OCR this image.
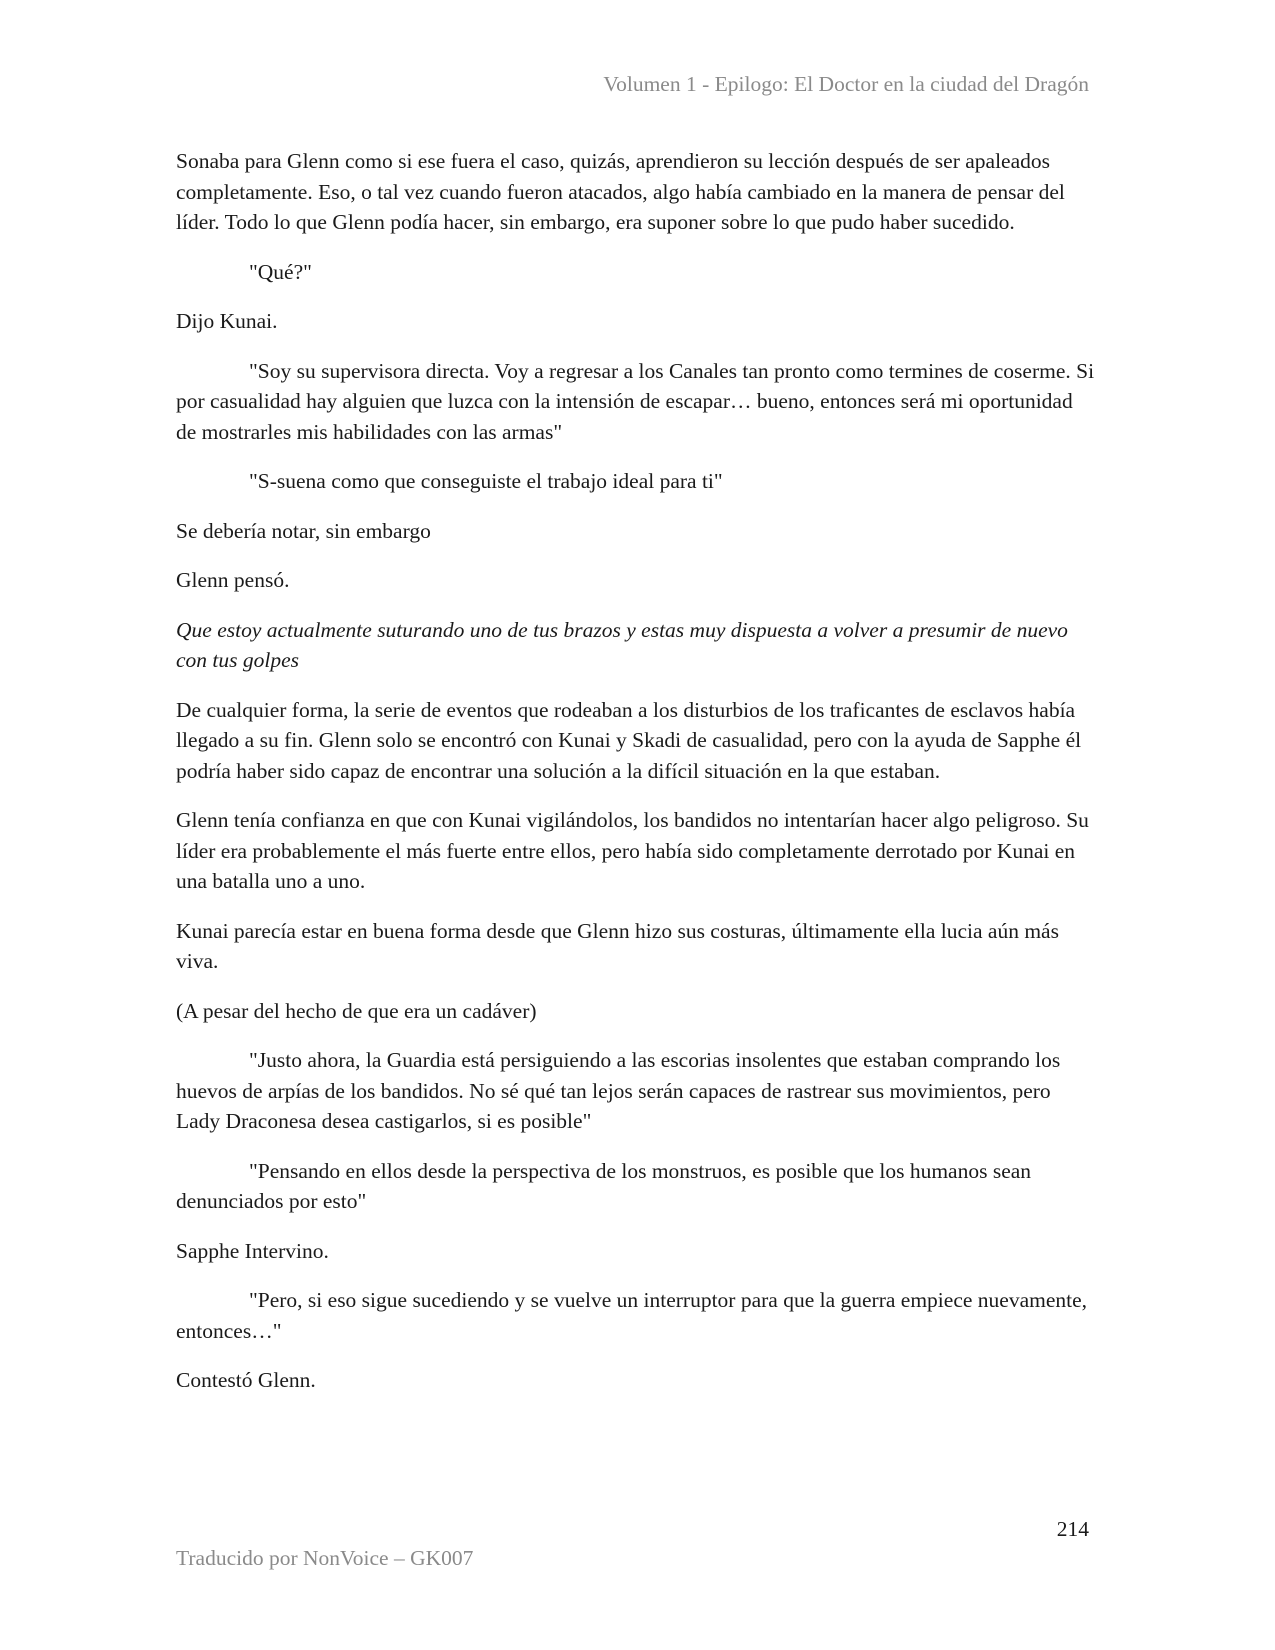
Volumen 1 - Epilogo: El Doctor en la ciudad del Dragón

Sonaba para Glenn como si ese fuera el caso, quizás, aprendieron su lección después de ser apaleados completamente. Eso, o tal vez cuando fueron atacados, algo había cambiado en la manera de pensar del líder. Todo lo que Glenn podía hacer, sin embargo, era suponer sobre lo que pudo haber sucedido.

"Qué?"

Dijo Kunai.

"Soy su supervisora directa. Voy a regresar a los Canales tan pronto como termines de coserme. Si por casualidad hay alguien que luzca con la intensión de escapar… bueno, entonces será mi oportunidad de mostrarles mis habilidades con las armas"

"S-suena como que conseguiste el trabajo ideal para ti"

Se debería notar, sin embargo

Glenn pensó.

Que estoy actualmente suturando uno de tus brazos y estas muy dispuesta a volver a presumir de nuevo con tus golpes

De cualquier forma, la serie de eventos que rodeaban a los disturbios de los traficantes de esclavos había llegado a su fin. Glenn solo se encontró con Kunai y Skadi de casualidad, pero con la ayuda de Sapphe él podría haber sido capaz de encontrar una solución a la difícil situación en la que estaban.

Glenn tenía confianza en que con Kunai vigilándolos, los bandidos no intentarían hacer algo peligroso. Su líder era probablemente el más fuerte entre ellos, pero había sido completamente derrotado por Kunai en una batalla uno a uno.

Kunai parecía estar en buena forma desde que Glenn hizo sus costuras, últimamente ella lucia aún más viva.

(A pesar del hecho de que era un cadáver)

"Justo ahora, la Guardia está persiguiendo a las escorias insolentes que estaban comprando los huevos de arpías de los bandidos. No sé qué tan lejos serán capaces de rastrear sus movimientos, pero Lady Draconesa desea castigarlos, si es posible"

"Pensando en ellos desde la perspectiva de los monstruos, es posible que los humanos sean denunciados por esto"

Sapphe Intervino.

"Pero, si eso sigue sucediendo y se vuelve un interruptor para que la guerra empiece nuevamente, entonces…"

Contestó Glenn.

214
Traducido por NonVoice – GK007
